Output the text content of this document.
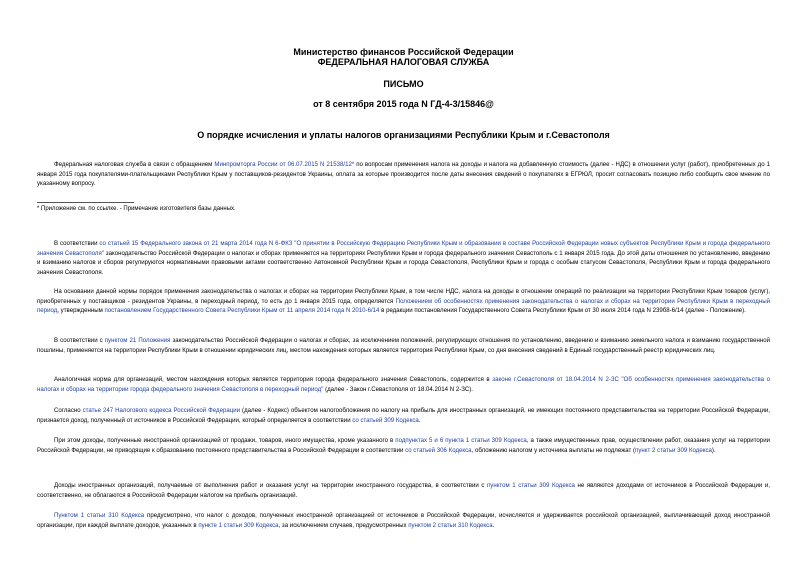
Министерство финансов Российской Федерации
ФЕДЕРАЛЬНАЯ НАЛОГОВАЯ СЛУЖБА
ПИСЬМО
от 8 сентября 2015 года N ГД-4-3/15846@
О порядке исчисления и уплаты налогов организациями Республики Крым и г.Севастополя
Федеральная налоговая служба в связи с обращением Минпромторга России от 06.07.2015 N 21538/12* по вопросам применения налога на доходы и налога на добавленную стоимость (далее - НДС) в отношении услуг (работ), приобретенных до 1 января 2015 года покупателями-плательщиками Республики Крым у поставщиков-резидентов Украины, оплата за которые производится после даты внесения сведений о покупателях в ЕГРЮЛ, просит согласовать позицию либо сообщить свое мнение по указанному вопросу.
* Приложение см. по ссылке. - Примечание изготовителя базы данных.
В соответствии со статьей 15 Федерального закона от 21 марта 2014 года N 6-ФКЗ "О принятии в Российскую Федерацию Республики Крым и образовании в составе Российской Федерации новых субъектов Республики Крым и города федерального значения Севастополя" законодательство Российской Федерации о налогах и сборах применяется на территориях Республики Крым и города федерального значения Севастополь с 1 января 2015 года. До этой даты отношения по установлению, введению и взиманию налогов и сборов регулируются нормативными правовыми актами соответственно Автономной Республики Крым и города Севастополя, Республики Крым и города с особым статусом Севастополя, Республики Крым и города федерального значения Севастополя.
На основании данной нормы порядок применения законодательства о налогах и сборах на территории Республики Крым, в том числе НДС, налога на доходы в отношении операций по реализации на территории Республики Крым товаров (услуг), приобретенных у поставщиков - резидентов Украины, в переходный период, то есть до 1 января 2015 года, определяется Положением об особенностях применения законодательства о налогах и сборах на территории Республики Крым в переходный период, утвержденным постановлением Государственного Совета Республики Крым от 11 апреля 2014 года N 2010-6/14 в редакции постановления Государственного Совета Республики Крым от 30 июля 2014 года N 239б8-6/14 (далее - Положение).
В соответствии с пунктом 21 Положения законодательство Российской Федерации о налогах и сборах, за исключением положений, регулирующих отношения по установлению, введению и взиманию земельного налога и взиманию государственной пошлины, применяется на территории Республики Крым в отношении юридических лиц, местом нахождения которых является территория Республики Крым, со дня внесения сведений в Единый государственный реестр юридических лиц.
Аналогичная норма для организаций, местом нахождения которых является территория города федерального значения Севастополь, содержится в законе г.Севастополя от 18.04.2014 N 2-ЗС "Об особенностях применения законодательства о налогах и сборах на территории города федерального значения Севастополя в переходный период" (далее - Закон г.Севастополя от 18.04.2014 N 2-ЗС).
Согласно статье 247 Налогового кодекса Российской Федерации (далее - Кодекс) объектом налогообложения по налогу на прибыль для иностранных организаций, не имеющих постоянного представительства на территории Российской Федерации, признается доход, полученный от источников в Российской Федерации, который определяется в соответствии со статьей 309 Кодекса.
При этом доходы, полученные иностранной организацией от продажи, товаров, иного имущества, кроме указанного в подпунктах 5 и 6 пункта 1 статьи 309 Кодекса, а также имущественных прав, осуществлении работ, оказания услуг на территории Российской Федерации, не приводящие к образованию постоянного представительства в Российской Федерации в соответствии со статьей 306 Кодекса, обложению налогом у источника выплаты не подлежат (пункт 2 статьи 309 Кодекса).
Доходы иностранных организаций, получаемые от выполнения работ и оказания услуг на территории иностранного государства, в соответствии с пунктом 1 статьи 309 Кодекса не являются доходами от источников в Российской Федерации и, соответственно, не облагаются в Российской Федерации налогом на прибыль организаций.
Пунктом 1 статьи 310 Кодекса предусмотрено, что налог с доходов, полученных иностранной организацией от источников в Российской Федерации, исчисляется и удерживается российской организацией, выплачивающей доход иностранной организации, при каждой выплате доходов, указанных в пункте 1 статьи 309 Кодекса, за исключением случаев, предусмотренных пунктом 2 статьи 310 Кодекса.
